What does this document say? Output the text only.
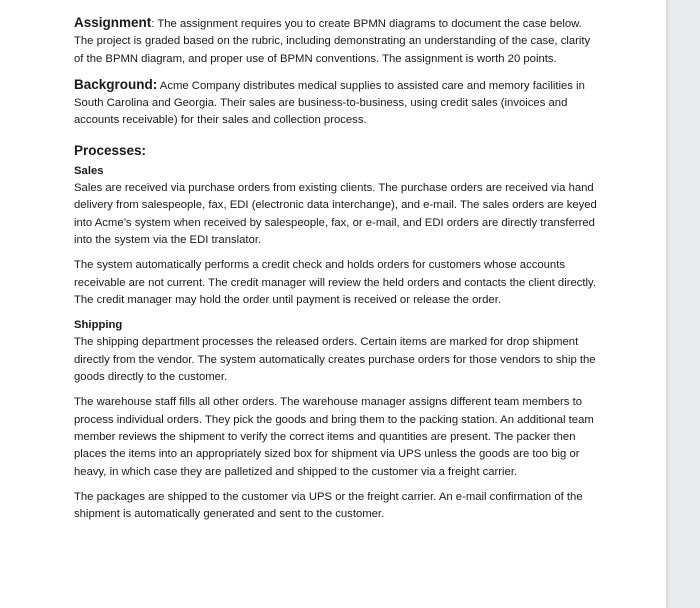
Assignment: The assignment requires you to create BPMN diagrams to document the case below. The project is graded based on the rubric, including demonstrating an understanding of the case, clarity of the BPMN diagram, and proper use of BPMN conventions. The assignment is worth 20 points.

Background: Acme Company distributes medical supplies to assisted care and memory facilities in South Carolina and Georgia. Their sales are business-to-business, using credit sales (invoices and accounts receivable) for their sales and collection process.

Processes:
Sales

Sales are received via purchase orders from existing clients. The purchase orders are received via hand delivery from salespeople, fax, EDI (electronic data interchange), and e-mail. The sales orders are keyed into Acme’s system when received by salespeople, fax, or e-mail, and EDI orders are directly transferred into the system via the EDI translator.

The system automatically performs a credit check and holds orders for customers whose accounts receivable are not current. The credit manager will review the held orders and contacts the client directly. The credit manager may hold the order until payment is received or release the order.

Shipping

The shipping department processes the released orders. Certain items are marked for drop shipment directly from the vendor. The system automatically creates purchase orders for those vendors to ship the goods directly to the customer.

The warehouse staff fills all other orders. The warehouse manager assigns different team members to process individual orders. They pick the goods and bring them to the packing station. An additional team member reviews the shipment to verify the correct items and quantities are present. The packer then places the items into an appropriately sized box for shipment via UPS unless the goods are too big or heavy, in which case they are palletized and shipped to the customer via a freight carrier.

The packages are shipped to the customer via UPS or the freight carrier. An e-mail confirmation of the shipment is automatically generated and sent to the customer.
